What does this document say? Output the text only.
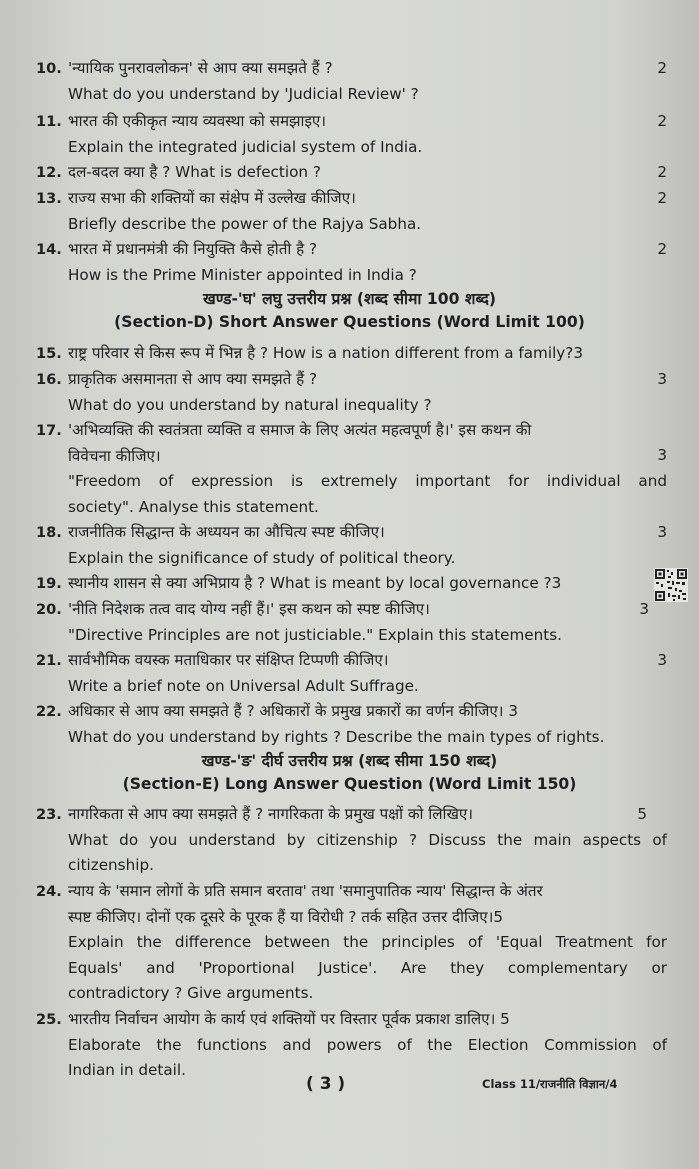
10. 'न्यायिक पुनरावलोकन' से आप क्या समझते हैं ?
What do you understand by 'Judicial Review' ?
2
11. भारत की एकीकृत न्याय व्यवस्था को समझाइए।
Explain the integrated judicial system of India.
2
12. दल-बदल क्या है ? What is defection ?	2
13. राज्य सभा की शक्तियों का संक्षेप में उल्लेख कीजिए।
Briefly describe the power of the Rajya Sabha.
2
14. भारत में प्रधानमंत्री की नियुक्ति कैसे होती है ?
How is the Prime Minister appointed in India ?
2
खण्ड-'घ' लघु उत्तरीय प्रश्न (शब्द सीमा 100 शब्द)
(Section-D) Short Answer Questions (Word Limit 100)
15. राष्ट्र परिवार से किस रूप में भिन्न है ? How is a nation different from a family?3
16. प्राकृतिक असमानता से आप क्या समझते हैं ?
What do you understand by natural inequality ?
3
17. 'अभिव्यक्ति की स्वतंत्रता व्यक्ति व समाज के लिए अत्यंत महत्वपूर्ण है।' इस कथन की
विवेचना कीजिए।
"Freedom of expression is extremely important for individual and
society". Analyse this statement.
3
18. राजनीतिक सिद्धान्त के अध्ययन का औचित्य स्पष्ट कीजिए।
Explain the significance of study of political theory.
3
19. स्थानीय शासन से क्या अभिप्राय है ? What is meant by local governance ?3
20. 'नीति निदेशक तत्व वाद योग्य नहीं हैं।' इस कथन को स्पष्ट कीजिए।
"Directive Principles are not justiciable." Explain this statements.
3
21. सार्वभौमिक वयस्क मताधिकार पर संक्षिप्त टिप्पणी कीजिए।
Write a brief note on Universal Adult Suffrage.
3
22. अधिकार से आप क्या समझते हैं ? अधिकारों के प्रमुख प्रकारों का वर्णन कीजिए। 3
What do you understand by rights ? Describe the main types of rights.
खण्ड-'ङ' दीर्घ उत्तरीय प्रश्न (शब्द सीमा 150 शब्द)
(Section-E) Long Answer Question (Word Limit 150)
23. नागरिकता से आप क्या समझते हैं ? नागरिकता के प्रमुख पक्षों को लिखिए।
What do you understand by citizenship ? Discuss the main aspects of
citizenship.
5
24. न्याय के 'समान लोगों के प्रति समान बरताव' तथा 'समानुपातिक न्याय' सिद्धान्त के अंतर
स्पष्ट कीजिए। दोनों एक दूसरे के पूरक हैं या विरोधी ? तर्क सहित उत्तर दीजिए।5
Explain the difference between the principles of 'Equal Treatment for
Equals' and 'Proportional Justice'. Are they complementary or
contradictory ? Give arguments.
25. भारतीय निर्वाचन आयोग के कार्य एवं शक्तियों पर विस्तार पूर्वक प्रकाश डालिए। 5
Elaborate the functions and powers of the Election Commission of
Indian in detail.
( 3 )	Class 11/राजनीति विज्ञान/4
